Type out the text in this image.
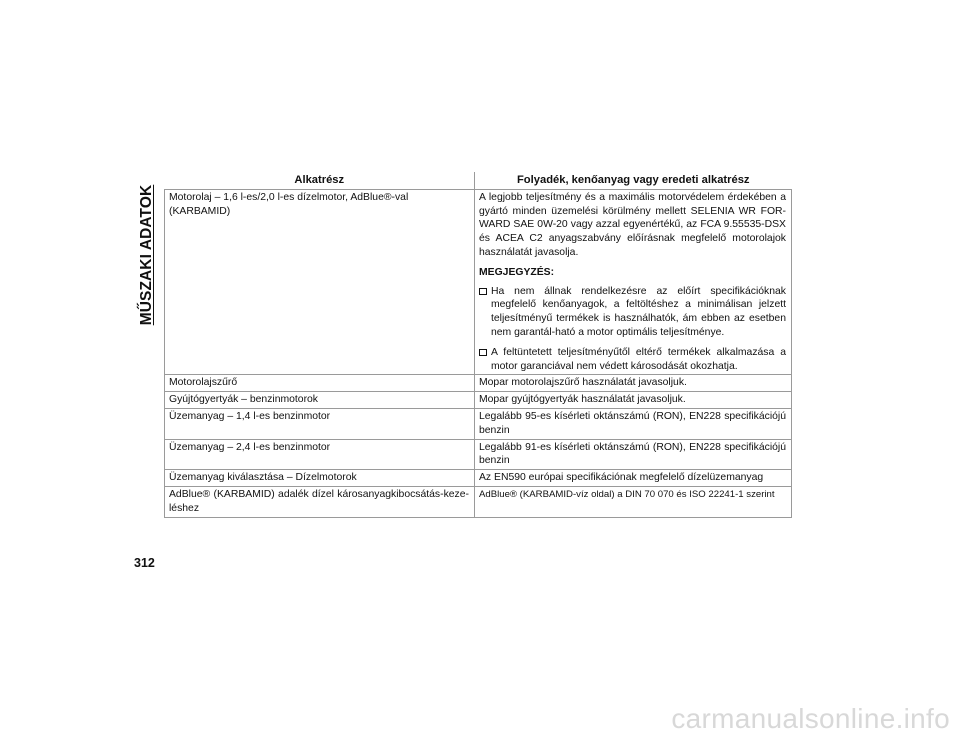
MŰSZAKI ADATOK
Alkatrész	Folyadék, kenőanyag vagy eredeti alkatrész
Motorolaj – 1,6 l-es/2,0 l-es dízelmotor, AdBlue®-val (KARBAMID)	A legjobb teljesítmény és a maximális motorvédelem érdekében a gyártó minden üzemelési körülmény mellett SELENIA WR FOR-WARD SAE 0W-20 vagy azzal egyenértékű, az FCA 9.55535-DSX és ACEA C2 anyagszabvány előírásnak megfelelő motorolajok használatát javasolja.

MEGJEGYZÉS:

Ha nem állnak rendelkezésre az előírt specifikációknak megfelelő kenőanyagok, a feltöltéshez a minimálisan jelzett teljesítményű termékek is használhatók, ám ebben az esetben nem garantál-ható a motor optimális teljesítménye.
A feltüntetett teljesítményűtől eltérő termékek alkalmazása a motor garanciával nem védett károsodását okozhatja.

Motorolajszűrő	Mopar motorolajszűrő használatát javasoljuk.
Gyújtógyertyák – benzinmotorok	Mopar gyújtógyertyák használatát javasoljuk.
Üzemanyag – 1,4 l-es benzinmotor	Legalább 95-es kísérleti oktánszámú (RON), EN228 specifikációjú benzin
Üzemanyag – 2,4 l-es benzinmotor	Legalább 91-es kísérleti oktánszámú (RON), EN228 specifikációjú benzin
Üzemanyag kiválasztása – Dízelmotorok	Az EN590 európai specifikációnak megfelelő dízelüzemanyag
AdBlue® (KARBAMID) adalék dízel károsanyagkibocsátás-keze-léshez	AdBlue® (KARBAMID-víz oldal) a DIN 70 070 és ISO 22241-1 szerint
312
carmanualsonline.info
